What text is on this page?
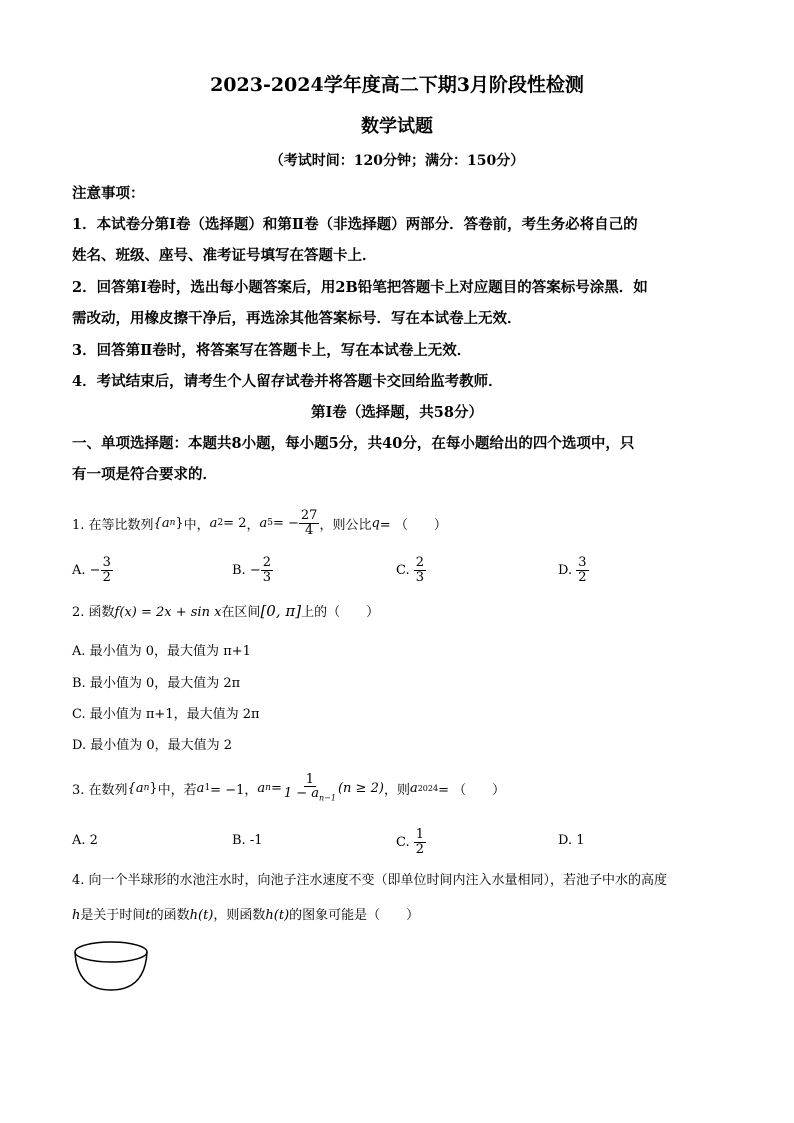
2023-2024学年度高二下期3月阶段性检测
数学试题
（考试时间：120分钟；满分：150分）
注意事项：
1．本试卷分第Ⅰ卷（选择题）和第Ⅱ卷（非选择题）两部分．答卷前，考生务必将自己的
姓名、班级、座号、准考证号填写在答题卡上．
2．回答第Ⅰ卷时，选出每小题答案后，用2B铅笔把答题卡上对应题目的答案标号涂黑．如
需改动，用橡皮擦干净后，再选涂其他答案标号．写在本试卷上无效．
3．回答第Ⅱ卷时，将答案写在答题卡上，写在本试卷上无效．
4．考试结束后，请考生个人留存试卷并将答题卡交回给监考教师．
第Ⅰ卷（选择题，共58分）
一、单项选择题：本题共8小题，每小题5分，共40分，在每小题给出的四个选项中，只
有一项是符合要求的．
1. 在等比数列 {a n } 中， a 2 = 2 ， a 5 = − $\frac{27}{4}$ ，则公比 q = （　　）
A.
− $\frac{3}{2}$	B.
− $\frac{2}{3}$	C.
$\frac{2}{3}$	D.
$\frac{3}{2}$
2. 函数f(x) = 2x + sin x在区间[0, π]上的（　　）
A. 最小值为 0，最大值为 π+1
B. 最小值为 0，最大值为 2π
C. 最小值为 π+1，最大值为 2π
D. 最小值为 0，最大值为 2
3. 在数列 {a n } 中，若 a 1 = −1， a $n = \frac{1}{1 - a_{n-1}} (n \ge 2)$ ，则 a 2024 = （　　）
A. 2	B. -1	C.
$\frac{1}{2}$	D. 1
4. 向一个半球形的水池注水时，向池子注水速度不变（即单位时间内注入水量相同），若池子中水的高度
h是关于时间t的函数h(t)，则函数h(t)的图象可能是（　　）
